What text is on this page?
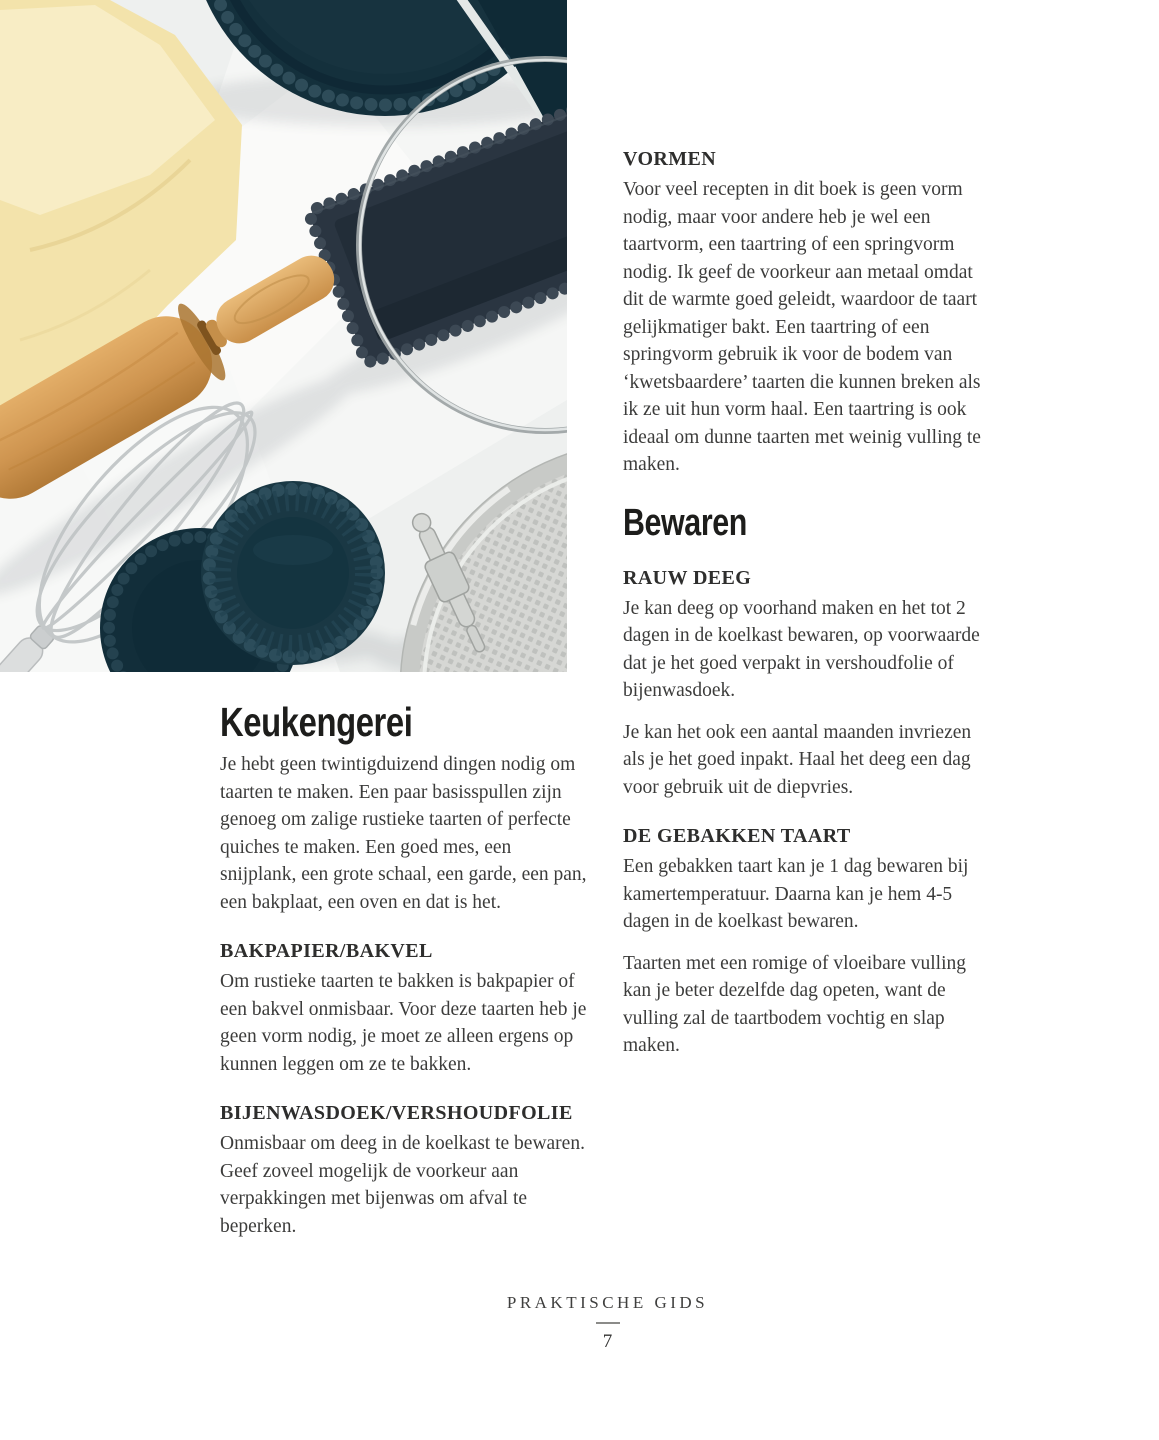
Keukengerei

Je hebt geen twintigduizend dingen nodig om taarten te maken. Een paar basisspullen zijn genoeg om zalige rustieke taarten of perfecte quiches te maken. Een goed mes, een snijplank, een grote schaal, een garde, een pan, een bakplaat, een oven en dat is het.

BAKPAPIER/BAKVEL

Om rustieke taarten te bakken is bakpapier of een bakvel onmisbaar. Voor deze taarten heb je geen vorm nodig, je moet ze alleen ergens op kunnen leggen om ze te bakken.

BIJENWASDOEK/VERSHOUDFOLIE

Onmisbaar om deeg in de koelkast te bewaren. Geef zoveel mogelijk de voorkeur aan verpakkingen met bijenwas om afval te beperken.

VORMEN

Voor veel recepten in dit boek is geen vorm nodig, maar voor andere heb je wel een taartvorm, een taartring of een springvorm nodig. Ik geef de voorkeur aan metaal omdat dit de warmte goed geleidt, waardoor de taart gelijkmatiger bakt. Een taartring of een springvorm gebruik ik voor de bodem van ‘kwetsbaardere’ taarten die kunnen breken als ik ze uit hun vorm haal. Een taartring is ook ideaal om dunne taarten met weinig vulling te maken.

Bewaren
RAUW DEEG

Je kan deeg op voorhand maken en het tot 2 dagen in de koelkast bewaren, op voorwaarde dat je het goed verpakt in vershoudfolie of bijenwasdoek.

Je kan het ook een aantal maanden invriezen als je het goed inpakt. Haal het deeg een dag voor gebruik uit de diepvries.

DE GEBAKKEN TAART

Een gebakken taart kan je 1 dag bewaren bij kamertemperatuur. Daarna kan je hem 4-5 dagen in de koelkast bewaren.

Taarten met een romige of vloeibare vulling kan je beter dezelfde dag opeten, want de vulling zal de taartbodem vochtig en slap maken.

PRAKTISCHE GIDS
7
